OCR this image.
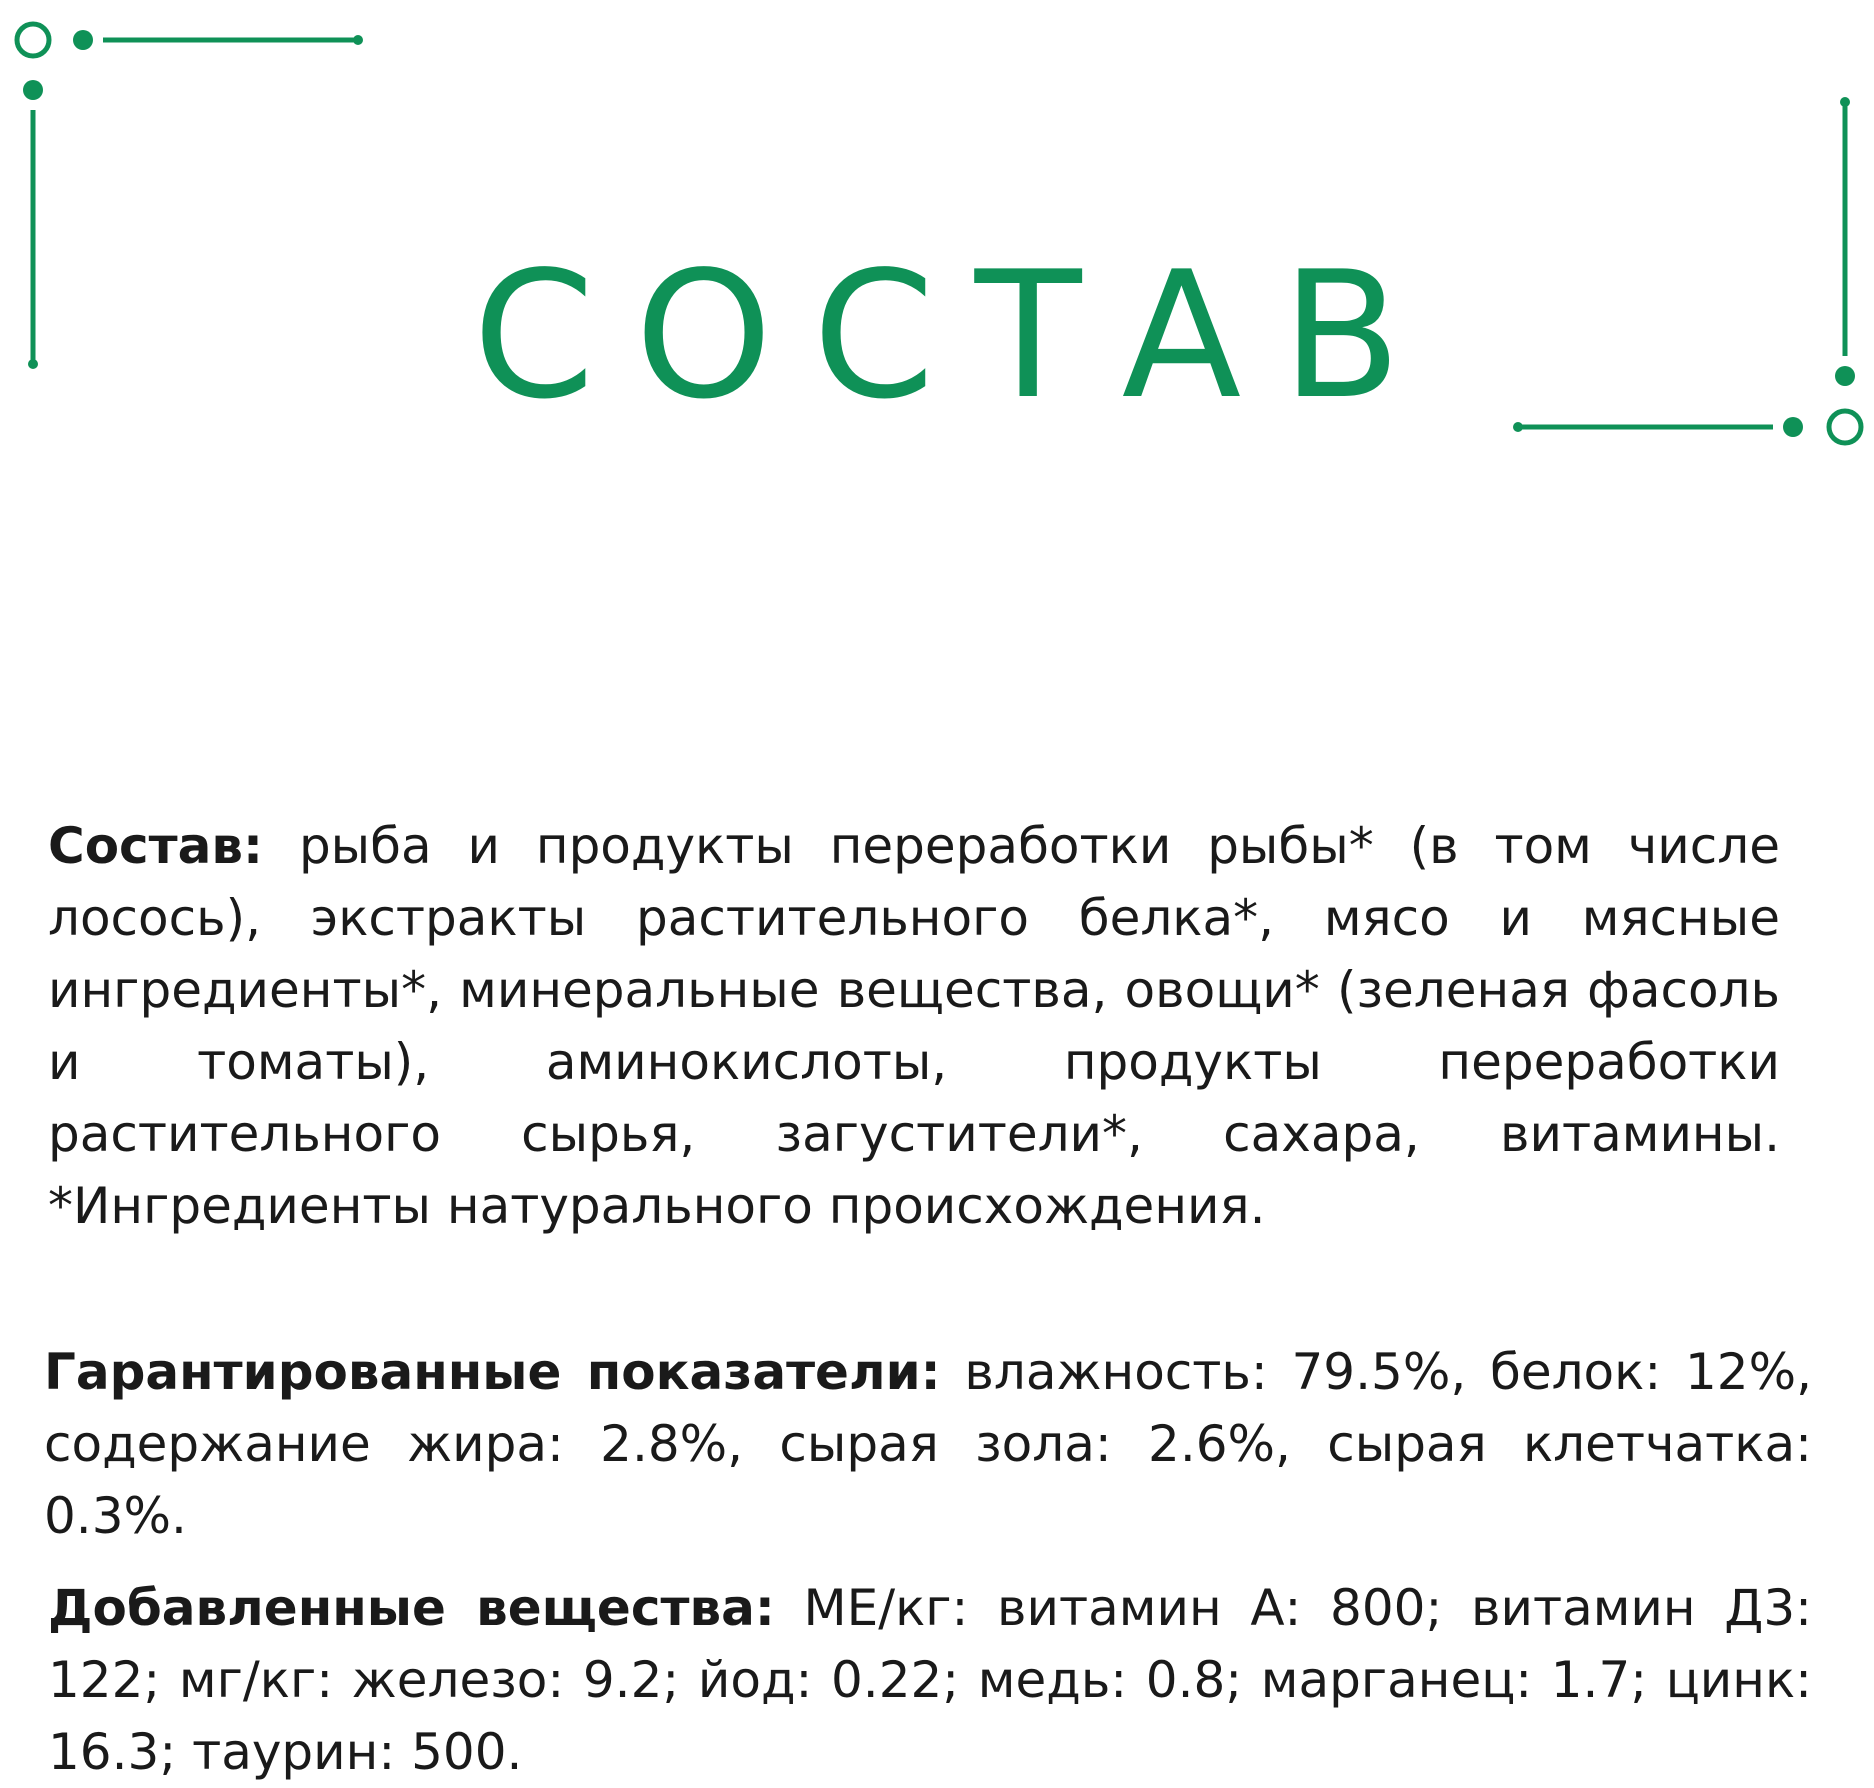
СОСТАВ

Состав: рыба и продукты переработки рыбы* (в том числе лосось), экстракты растительного белка*, мясо и мясные ингредиенты*, минеральные вещества, овощи* (зеленая фасоль и томаты), аминокислоты, продукты переработки растительного сырья, загустители*, сахара, витамины. *Ингредиенты натурального происхождения.

Гарантированные показатели: влажность: 79.5%, белок: 12%, содержание жира: 2.8%, сырая зола: 2.6%, сырая клетчатка: 0.3%.

Добавленные вещества: МЕ/кг: витамин А: 800; витамин Д3: 122; мг/кг: железо: 9.2; йод: 0.22; медь: 0.8; марганец: 1.7; цинк: 16.3; таурин: 500.
